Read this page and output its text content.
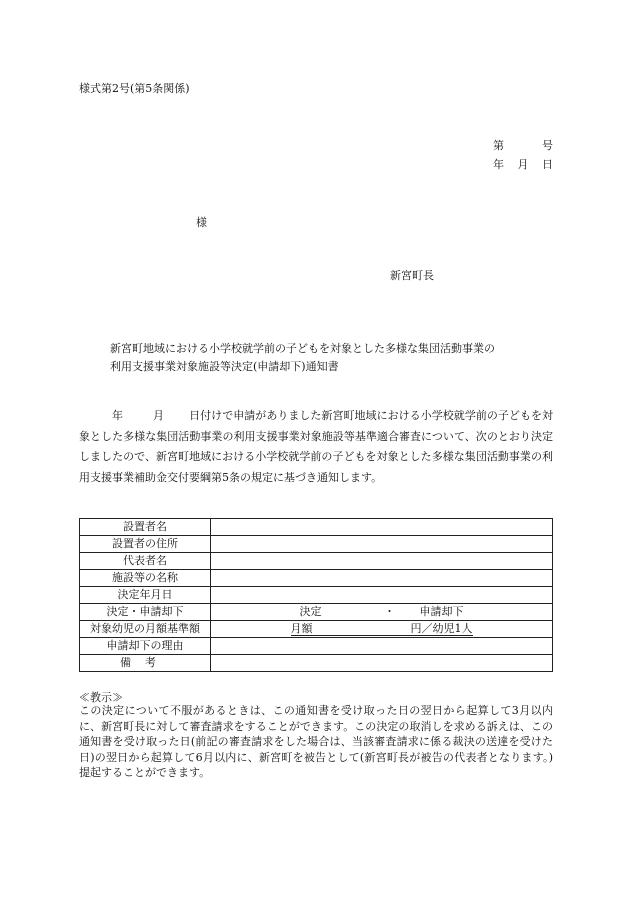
様式第2号(第5条関係)
第	号
年 月 日
様
新宮町長
新宮町地域における小学校就学前の子どもを対象とした多様な集団活動事業の
利用支援事業対象施設等決定(申請却下)通知書
年	月 日付けで申請がありました新宮町地域における小学校就学前の子どもを対象とした多様な集団活動事業の利用支援事業対象施設等基準適合審査について、次のとおり決定しましたので、新宮町地域における小学校就学前の子どもを対象とした多様な集団活動事業の利用支援事業補助金交付要綱第5条の規定に基づき通知します。
設置者名	
設置者の住所	
代表者名	
施設等の名称	
決定年月日	
決定・申請却下	決定 ・ 申請却下

対象幼児の月額基準額	月額 円／幼児1人
申請却下の理由	
備考	
≪教示≫
この決定について不服があるときは、この通知書を受け取った日の翌日から起算して3月以内に、新宮町長に対して審査請求をすることができます。この決定の取消しを求める訴えは、この通知書を受け取った日(前記の審査請求をした場合は、当該審査請求に係る裁決の送達を受けた日)の翌日から起算して6月以内に、新宮町を被告として(新宮町長が被告の代表者となります。)提起することができます。
